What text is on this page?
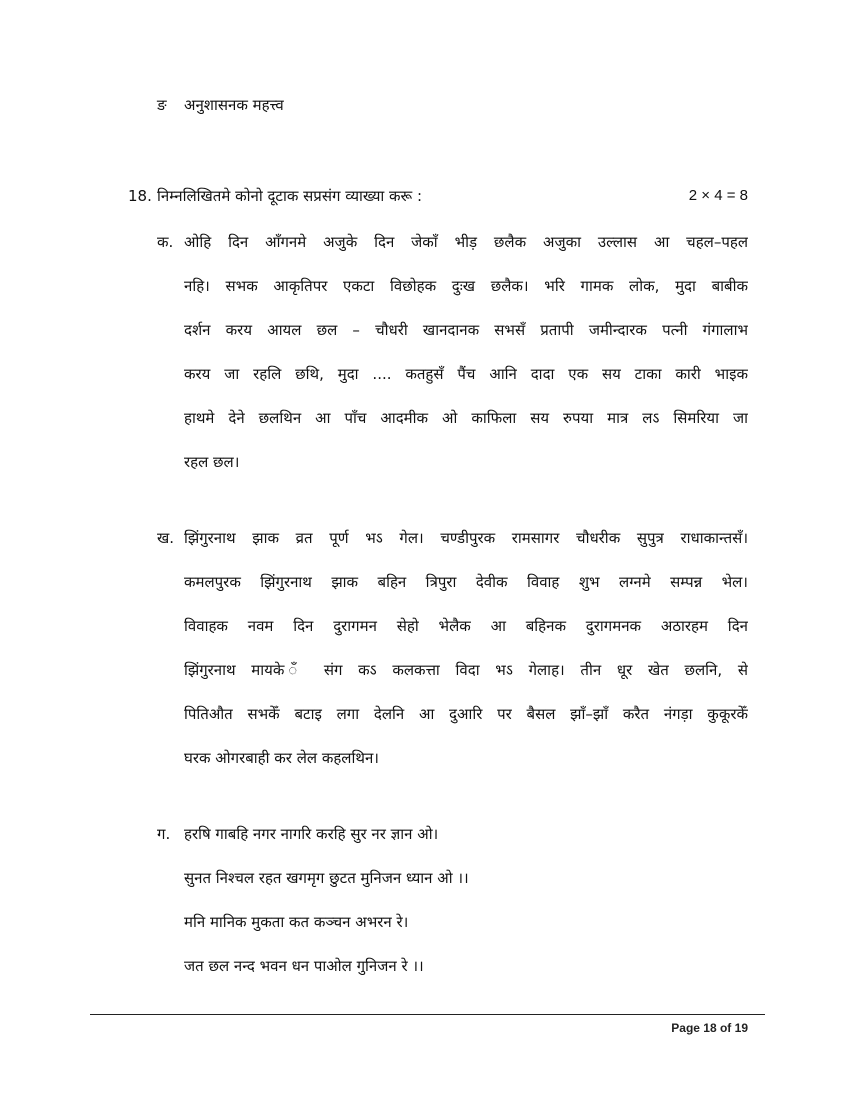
ङ अनुशासनक महत्त्व
18. निम्नलिखितमे कोनो दूटाक सप्रसंग व्याख्या करू :	2 × 4 = 8
क. ओहि दिन आँगनमे अजुके दिन जेकाँ भीड़ छलैक अजुका उल्लास आ चहल–पहल
नहि। सभक आकृतिपर एकटा विछोहक दुःख छलैक। भरि गामक लोक, मुदा बाबीक
दर्शन करय आयल छल – चौधरी खानदानक सभसँ प्रतापी जमीन्दारक पत्नी गंगालाभ
करय जा रहलि छथि, मुदा .... कतहुसँ पैंच आनि दादा एक सय टाका कारी भाइक
हाथमे देने छलथिन आ पाँच आदमीक ओ काफिला सय रुपया मात्र लऽ सिमरिया जा
रहल छल।
ख. झिंगुरनाथ झाक व्रत पूर्ण भऽ गेल। चण्डीपुरक रामसागर चौधरीक सुपुत्र राधाकान्तसँ।
कमलपुरक झिंगुरनाथ झाक बहिन त्रिपुरा देवीक विवाह शुभ लग्नमे सम्पन्न भेल।
विवाहक नवम दिन दुरागमन सेहो भेलैक आ बहिनक दुरागमनक अठारहम दिन
झिंगुरनाथ मायके ँ संग कऽ कलकत्ता विदा भऽ गेलाह। तीन धूर खेत छलनि, से
पितिऔत सभकेँ बटाइ लगा देलनि आ दुआरि पर बैसल झाँ–झाँ करैत नंगड़ा कुकूरकेँ
घरक ओगरबाही कर लेल कहलथिन।
ग. हरषि गाबहि नगर नागरि करहि सुर नर ज्ञान ओ।
सुनत निश्चल रहत खगमृग छुटत मुनिजन ध्यान ओ ।।
मनि मानिक मुकता कत कञ्चन अभरन रे।
जत छल नन्द भवन धन पाओल गुनिजन रे ।।
Page 18 of 19
